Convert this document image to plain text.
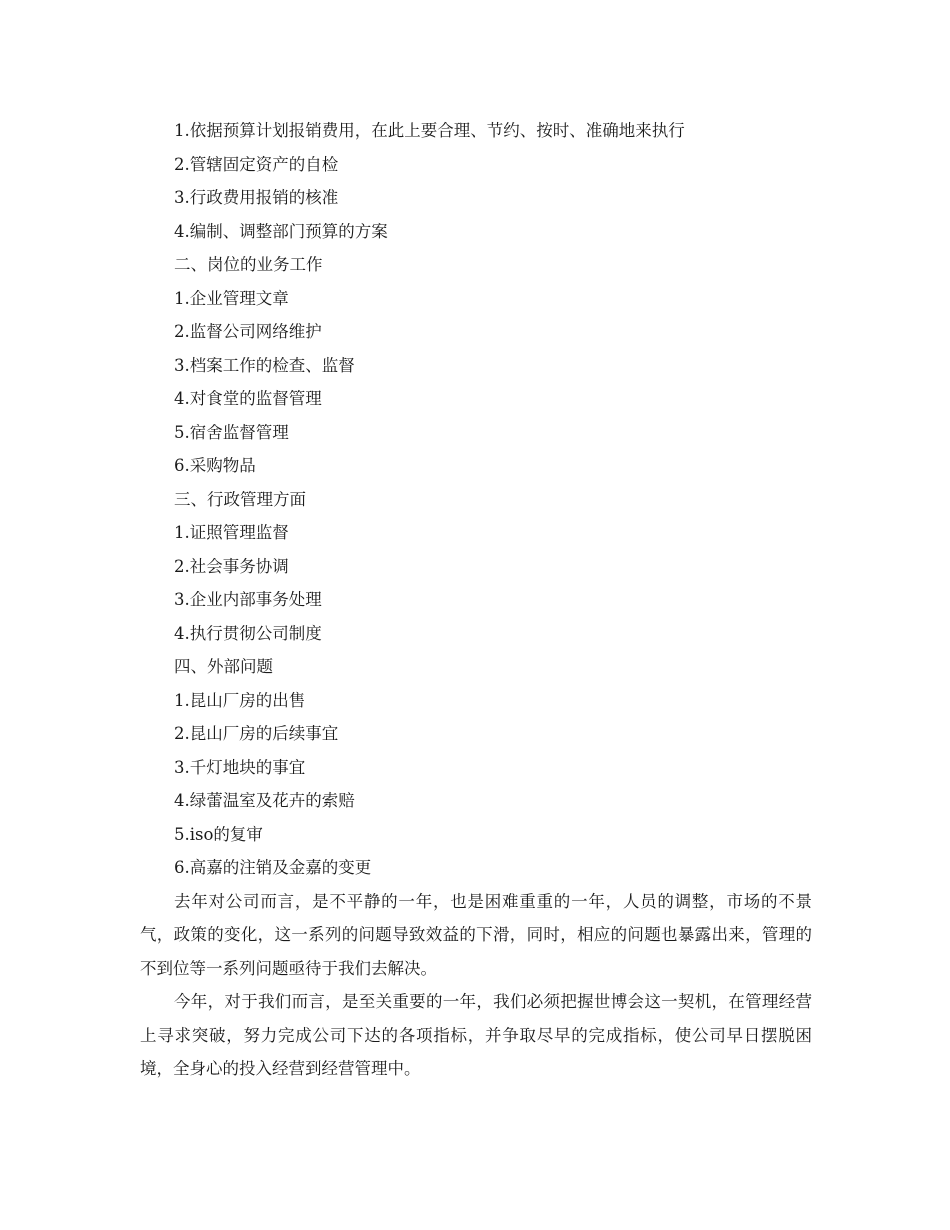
1.依据预算计划报销费用，在此上要合理、节约、按时、准确地来执行
2.管辖固定资产的自检
3.行政费用报销的核准
4.编制、调整部门预算的方案
二、岗位的业务工作
1.企业管理文章
2.监督公司网络维护
3.档案工作的检查、监督
4.对食堂的监督管理
5.宿舍监督管理
6.采购物品
三、行政管理方面
1.证照管理监督
2.社会事务协调
3.企业内部事务处理
4.执行贯彻公司制度
四、外部问题
1.昆山厂房的出售
2.昆山厂房的后续事宜
3.千灯地块的事宜
4.绿蕾温室及花卉的索赔
5.iso的复审
6.高嘉的注销及金嘉的变更

去年对公司而言，是不平静的一年，也是困难重重的一年，人员的调整，市场的不景气，政策的变化，这一系列的问题导致效益的下滑，同时，相应的问题也暴露出来，管理的不到位等一系列问题亟待于我们去解决。

今年，对于我们而言，是至关重要的一年，我们必须把握世博会这一契机，在管理经营上寻求突破，努力完成公司下达的各项指标，并争取尽早的完成指标，使公司早日摆脱困境，全身心的投入经营到经营管理中。
